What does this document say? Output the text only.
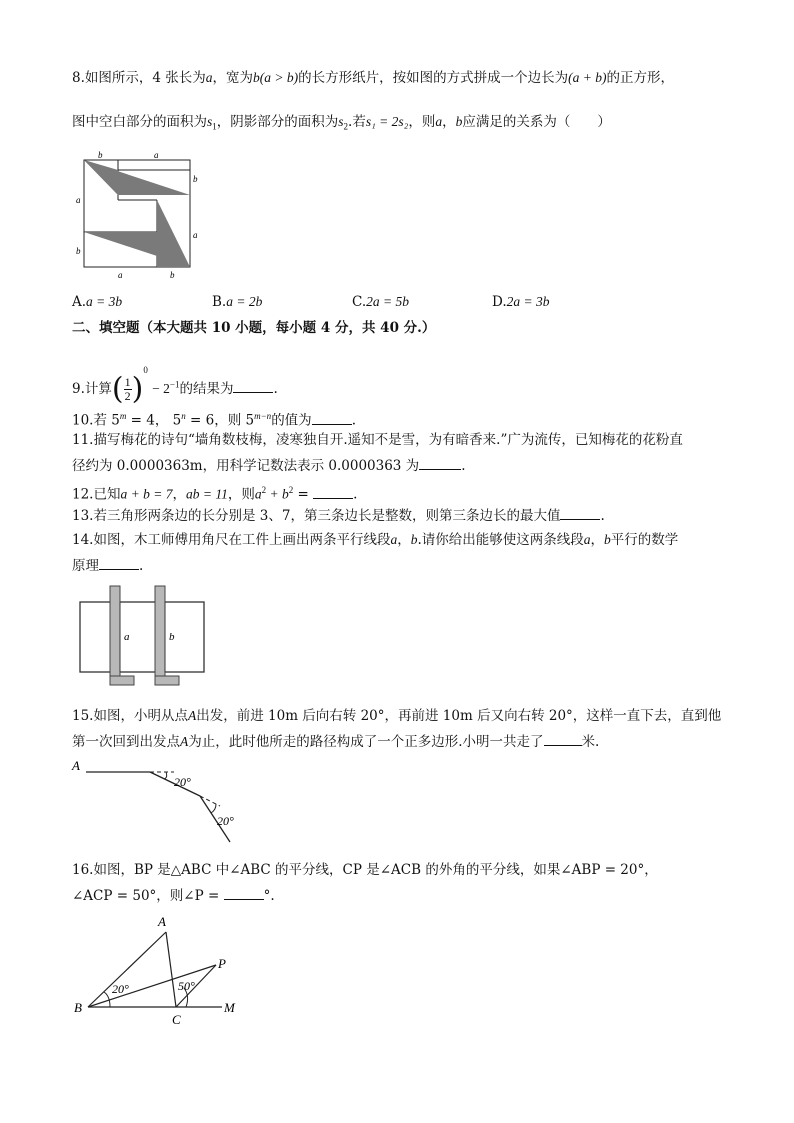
8.如图所示，4 张长为a，宽为b(a > b)的长方形纸片，按如图的方式拼成一个边长为(a + b)的正方形，
图中空白部分的面积为$s_1$，阴影部分的面积为$s_2$.若s₁ = 2s₂，则a，b应满足的关系为（　　）
b	a
b
a
a
b
a	b
A.a = 3b	B.a = 2b	C.2a = 5b	D.2a = 3b
二、填空题（本大题共 10 小题，每小题 4 分，共 40 分.）
9.计算( $\frac{1}{2} )^0 - 2^{-1}$的结果为	.
10.若 $5^m = 4$， $5^n = 6$，则 $5^{m-n}$的值为	.
11.描写梅花的诗句“墙角数枝梅，凌寒独自开.遥知不是雪，为有暗香来.”广为流传，已知梅花的花粉直
径约为 0.0000363m，用科学记数法表示 0.0000363 为	.
12.已知a + b = 7，ab = 11，则$a^2 + b^2$ =	.
13.若三角形两条边的长分别是 3、7，第三条边长是整数，则第三条边长的最大值	.
14.如图，木工师傅用角尺在工件上画出两条平行线段a，b.请你给出能够使这两条线段a，b平行的数学
原理	.
a	b
15.如图，小明从点A出发，前进 10m 后向右转 20°，再前进 10m 后又向右转 20°，这样一直下去，直到他
第一次回到出发点A为止，此时他所走的路径构成了一个正多边形.小明一共走了	米.
A
20°
20°
16.如图，BP 是△ABC 中∠ABC 的平分线，CP 是∠ACB 的外角的平分线，如果∠ABP = 20°，
∠ACP = 50°，则∠P =	°.
A
P
20°	50°
B
C
M
